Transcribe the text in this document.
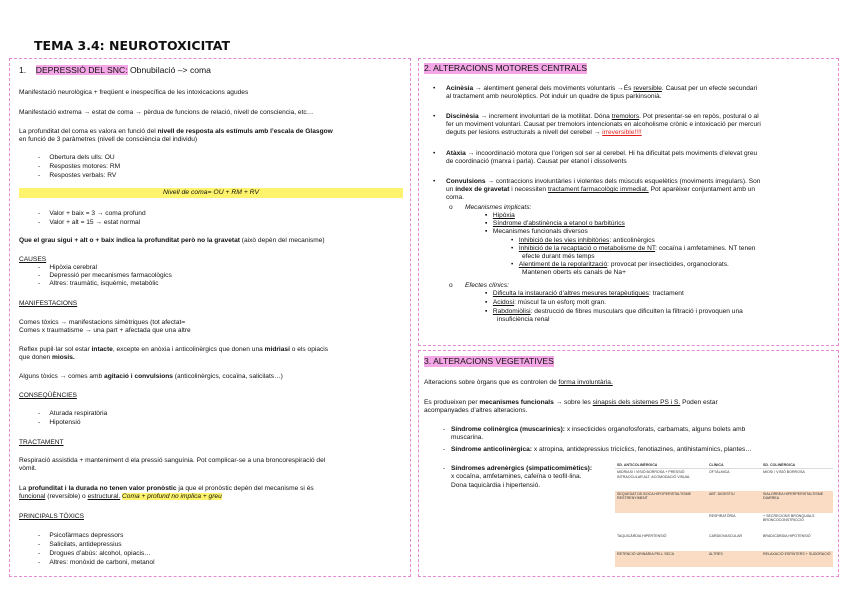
TEMA 3.4: NEUROTOXICITAT
1. DEPRESSIÓ DEL SNC: Obnubilació –> coma
Manifestació neurològica + freqüent e inespecífica de les intoxicacions agudes
Manifestació extrema → estat de coma → pèrdua de funcions de relació, nivell de consciencia, etc…
La profunditat del coma es valora en funció del nivell de resposta als estímuls amb l’escala de Glasgow
en funció de 3 paràmetres (nivell de consciència del individu)
-     Obertura dels ulls: OU
-     Respostes motores: RM
-     Respostes verbals: RV
Nivell de coma= OU + RM + RV
-     Valor + baix = 3 → coma profund
-     Valor + alt = 15 → estat normal
Que el grau sigui + alt o + baix indica la profunditat però no la gravetat (això depèn del mecanisme)
CAUSES
-     Hipòxia cerebral
-     Depressió per mecanismes farmacològics
-     Altres: traumàtic, isquèmic, metabòlic
MANIFESTACIONS
Comes tòxics → manifestacions simètriques (tot afectat=
Comes x traumatisme → una part + afectada que una altre
Reflex pupil·lar sol estar intacte, excepte en anòxia i anticolinèrgics que donen una midriasi o els opiacis
que donen miosis.
Alguns tòxics → comes amb agitació i convulsions (anticolinèrgics, cocaïna, salicilats…)
CONSEQÜÈNCIES
-     Aturada respiratòria
-     Hipotensió
TRACTAMENT
Respiració assistida + manteniment d ela pressió sanguínia. Pot complicar-se a una broncorespiració del
vòmit.
La profunditat i la durada no tenen valor pronòstic ja que el pronòstic depèn del mecanisme si és
funcional (reversible) o estructural. Coma + profund no implica + greu
PRINCIPALS TÒXICS
-     Psicofàrmacs depressors
-     Salicilats, antidepressius
-     Drogues d’abús: alcohol, opiacis…
-     Altres: monòxid de carboni, metanol
2. ALTERACIONS MOTORES CENTRALS
• Acinèsia → alentiment general dels moviments voluntaris →És reversible. Causat per un efecte secundari
al tractament amb neurolèptics. Pot induir un quadre de tipus parkinsonià.
• Discinèsia → increment involuntari de la motilitat. Dóna tremolors. Pot presentar-se en repòs, postural o al
fer un moviment voluntari. Causat per tremolors intencionats en alcoholisme crònic e intoxicació per mercuri
deguts per lesions estructurals a nivell del cerebel → irreversible!!!!
• Atàxia → incoordinació motora que l’origen sol ser al cerebel. Hi ha dificultat pels moviments d’elevat greu
de coordinació (marxa i parla). Causat per etanol i dissolvents
• Convulsions → contraccions involuntàries i violentes dels músculs esquelètics (moviments irregulars). Son
un índex de gravetat i necessiten tractament farmacològic immediat. Pot aparèixer conjuntament amb un
coma.
o Mecanismes implicats:
▪   Hipòxia
▪   Síndrome d’abstinència a etanol o barbitúrics
▪   Mecanismes funcionals diversos
•   Inhibició de les vies inhibitòries: anticolinèrgics
•   Inhibició de la recaptació o metabolisme de NT: cocaïna i amfetamines. NT tenen
efecte durant més temps
•   Alentiment de la repolarització: provocat per insecticides, organoclorats.
Mantenen oberts els canals de Na+
o Efectes clínics:
▪   Dificulta la instauració d’altres mesures terapèutiques: tractament
▪   Acidosi: múscul fa un esforç molt gran.
▪   Rabdomiòlisi: destrucció de fibres musculars que dificulten la filtració i provoquen una
insuficiència renal
3. ALTERACIONS VEGETATIVES
Alteracions sobre òrgans que es controlen de forma involuntària.
Es produeixen per mecanismes funcionals → sobre les sinapsis dels sistemes PS i S. Poden estar
acompanyades d’altres alteracions.
- Síndrome colinèrgica (muscarínics): x insecticides organofosforats, carbamats, alguns bolets amb
muscarina.
- Síndrome anticolinèrgica: x atropina, antidepressius tricíclics, fenotiazines, antihistamínics, plantes…
- Síndromes adrenèrgics (simpaticomimètics):
x cocaïna, amfetamines, cafeïna o teofil·lina.
Dona taquicàrdia i hipertensió.
SD. ANTICOLINÈRGICA	CLÍNICA	SD. COLINÈRGICA
MIDRIASI / VISIÓ BORROSA + PRESSIÓ INTRAOCULAR ALT. ACOMODACIÓ VISUAL	OFTÀLMICA	MIOSI / VISIÓ BORROSA
SEQUEDAT DE BOCA HIPOPERISTALTISME RESTRENYIMENT	ABT. DIGESTIU	SIALORREA HIPERPERISTALTISME DIARREA
	RESPIRATÒRIA	+ SECRECIONS BRONQUIALS BRONCOCONSTRICCIÓ
TAQUICÀRDIA HIPERTENSIÓ	CARDIOVASCULAR	BRADICÀRDIA HIPOTENSIÓ
RETENCIÓ URINÀRIA PELL SECA	ALTRES	RELAXACIÓ ESFÍNTERS + SUDORACIÓ
